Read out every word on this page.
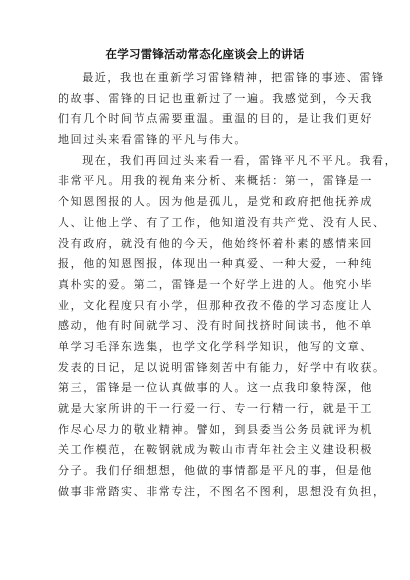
在学习雷锋活动常态化座谈会上的讲话
最近，我也在重新学习雷锋精神，把雷锋的事迹、雷锋
的故事、雷锋的日记也重新过了一遍。我感觉到，今天我
们有几个时间节点需要重温。重温的目的，是让我们更好
地回过头来看雷锋的平凡与伟大。
现在，我们再回过头来看一看，雷锋平凡不平凡。我看，
非常平凡。用我的视角来分析、来概括：第一，雷锋是一
个知恩图报的人。因为他是孤儿，是党和政府把他抚养成
人、让他上学、有了工作，他知道没有共产党、没有人民、
没有政府，就没有他的今天，他始终怀着朴素的感情来回
报，他的知恩图报，体现出一种真爱、一种大爱，一种纯
真朴实的爱。第二，雷锋是一个好学上进的人。他究小毕
业，文化程度只有小学，但那种孜孜不倦的学习态度让人
感动，他有时间就学习、没有时间找挤时间读书，他不单
单学习毛泽东选集，也学文化学科学知识，他写的文章、
发表的日记，足以说明雷锋刻苦中有能力，好学中有收获。
第三，雷锋是一位认真做事的人。这一点我印象特深，他
就是大家所讲的干一行爱一行、专一行精一行，就是干工
作尽心尽力的敬业精神。譬如，到县委当公务员就评为机
关工作模范，在鞍钢就成为鞍山市青年社会主义建设积极
分子。我们仔细想想，他做的事情都是平凡的事，但是他
做事非常踏实、非常专注，不图名不图利，思想没有负担，
